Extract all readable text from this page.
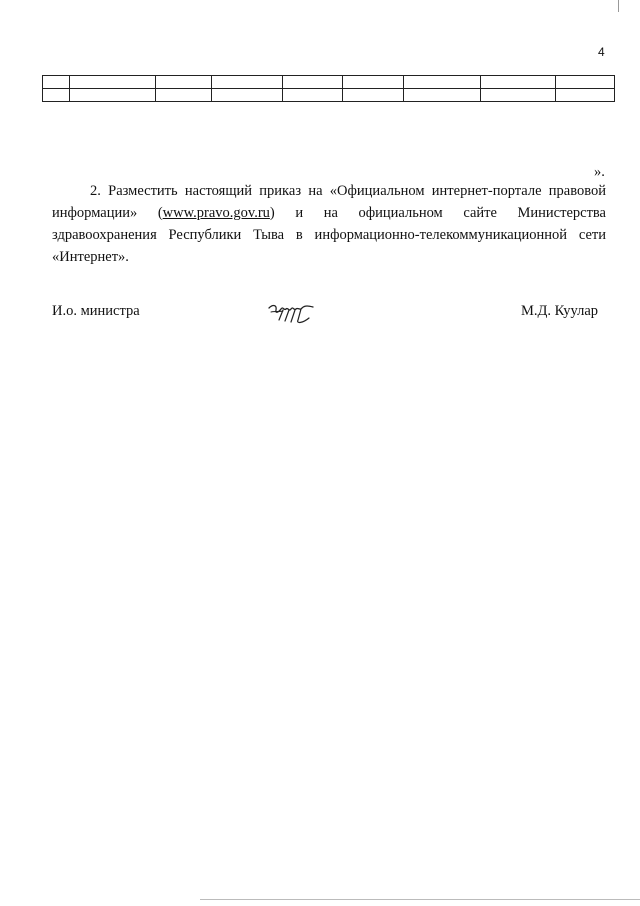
4

».

2. Разместить настоящий приказ на «Официальном интернет-портале правовой информации» (www.pravo.gov.ru) и на официальном сайте Министерства здравоохранения Республики Тыва в информационно-телекоммуникационной сети «Интернет».

И.о. министра	М.Д. Куулар
